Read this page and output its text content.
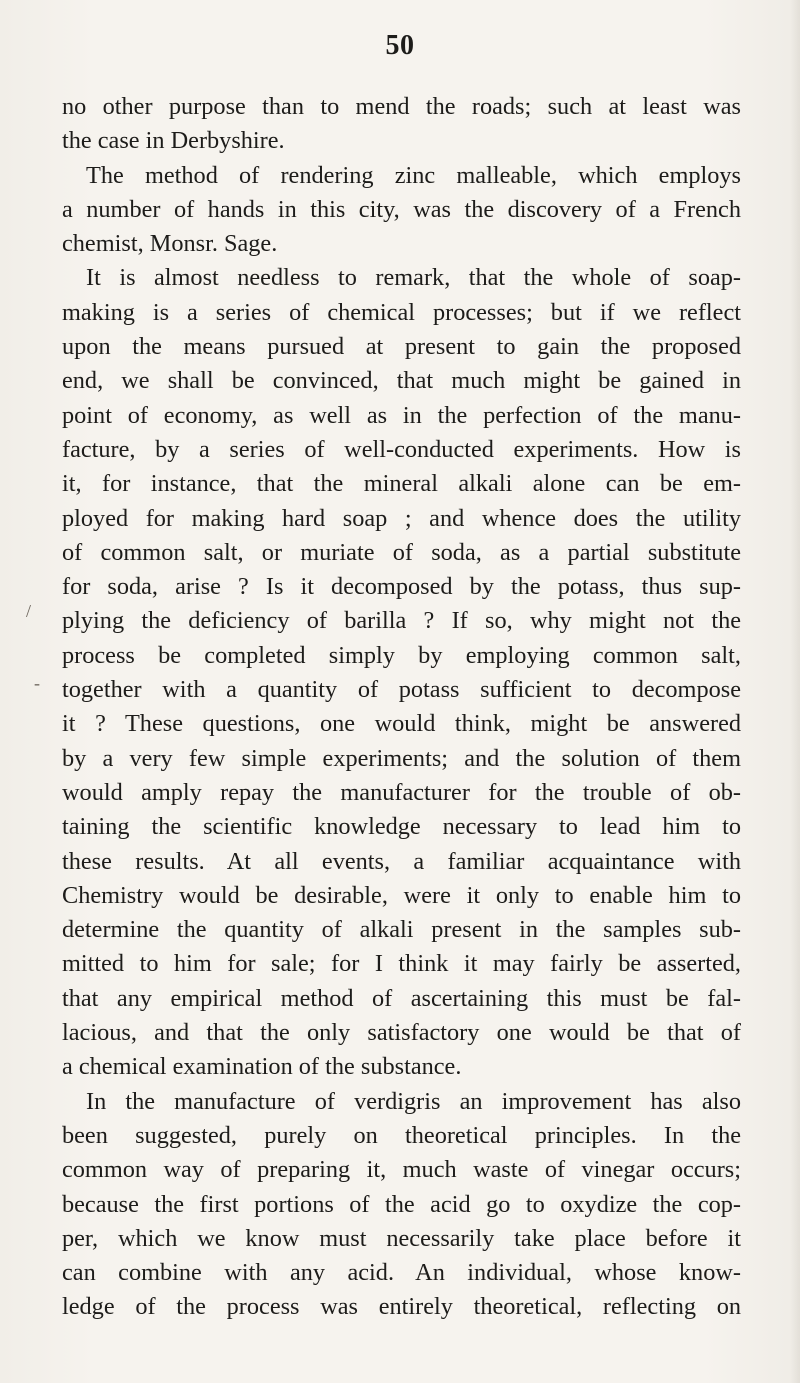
50
/
-
no other purpose than to mend the roads; such at least was
the case in Derbyshire.
The method of rendering zinc malleable, which employs
a number of hands in this city, was the discovery of a French
chemist, Monsr. Sage.
It is almost needless to remark, that the whole of soap-
making is a series of chemical processes; but if we reflect
upon the means pursued at present to gain the proposed
end, we shall be convinced, that much might be gained in
point of economy, as well as in the perfection of the manu-
facture, by a series of well-conducted experiments. How is
it, for instance, that the mineral alkali alone can be em-
ployed for making hard soap ; and whence does the utility
of common salt, or muriate of soda, as a partial substitute
for soda, arise ? Is it decomposed by the potass, thus sup-
plying the deficiency of barilla ? If so, why might not the
process be completed simply by employing common salt,
together with a quantity of potass sufficient to decompose
it ? These questions, one would think, might be answered
by a very few simple experiments; and the solution of them
would amply repay the manufacturer for the trouble of ob-
taining the scientific knowledge necessary to lead him to
these results. At all events, a familiar acquaintance with
Chemistry would be desirable, were it only to enable him to
determine the quantity of alkali present in the samples sub-
mitted to him for sale; for I think it may fairly be asserted,
that any empirical method of ascertaining this must be fal-
lacious, and that the only satisfactory one would be that of
a chemical examination of the substance.
In the manufacture of verdigris an improvement has also
been suggested, purely on theoretical principles. In the
common way of preparing it, much waste of vinegar occurs;
because the first portions of the acid go to oxydize the cop-
per, which we know must necessarily take place before it
can combine with any acid. An individual, whose know-
ledge of the process was entirely theoretical, reflecting on
